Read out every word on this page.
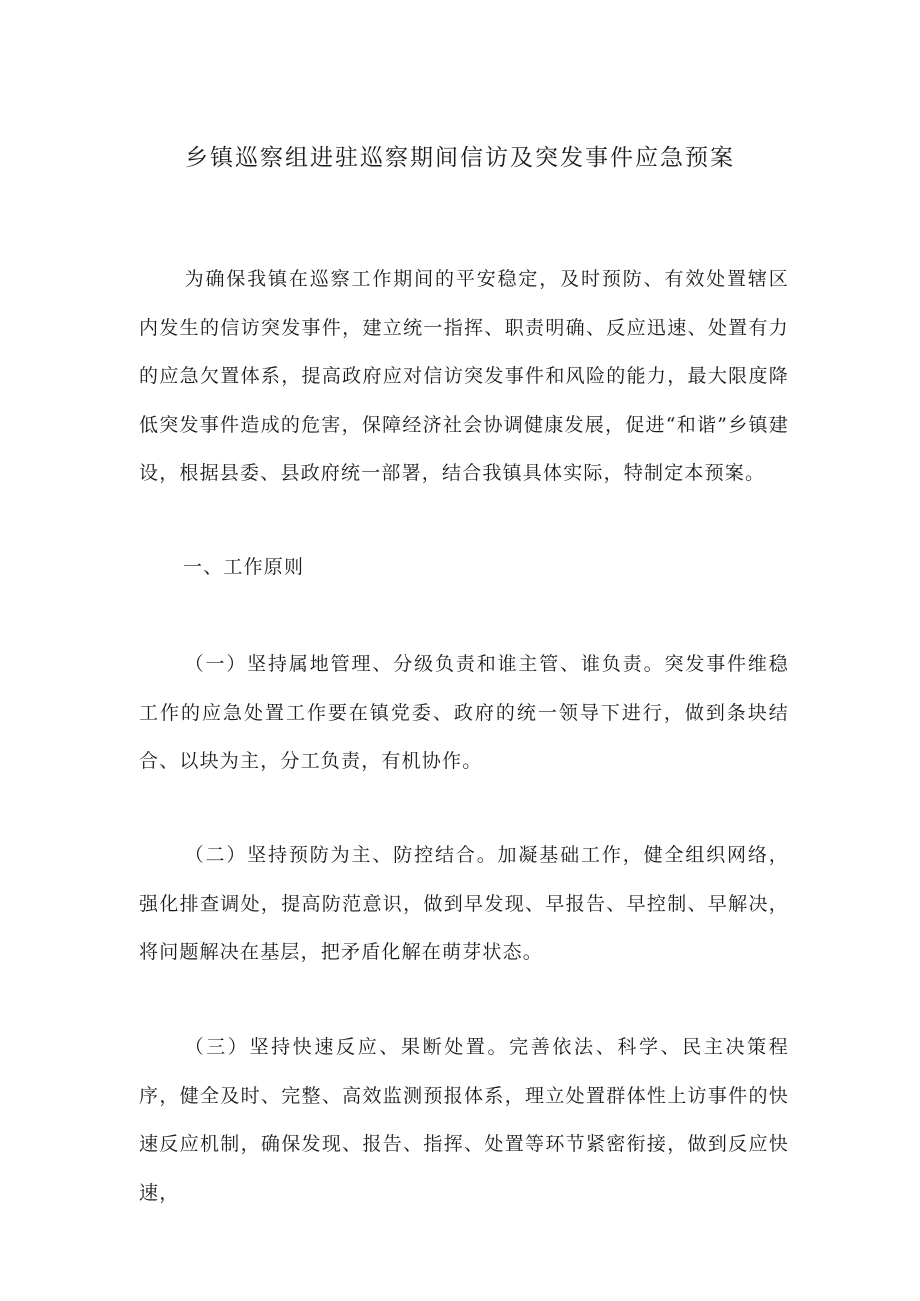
乡镇巡察组进驻巡察期间信访及突发事件应急预案

为确保我镇在巡察工作期间的平安稳定，及时预防、有效处置辖区内发生的信访突发事件，建立统一指挥、职责明确、反应迅速、处置有力的应急欠置体系，提高政府应对信访突发事件和风险的能力，最大限度降低突发事件造成的危害，保障经济社会协调健康发展，促进“和谐”乡镇建设，根据县委、县政府统一部署，结合我镇具体实际，特制定本预案。

一、工作原则

（一）坚持属地管理、分级负责和谁主管、谁负责。突发事件维稳工作的应急处置工作要在镇党委、政府的统一领导下进行，做到条块结合、以块为主，分工负责，有机协作。

（二）坚持预防为主、防控结合。加凝基础工作，健全组织网络，强化排查调处，提高防范意识，做到早发现、早报告、早控制、早解决，将问题解决在基层，把矛盾化解在萌芽状态。

（三）坚持快速反应、果断处置。完善依法、科学、民主决策程序，健全及时、完整、高效监测预报体系，理立处置群体性上访事件的快速反应机制，确保发现、报告、指挥、处置等环节紧密衔接，做到反应快速，
